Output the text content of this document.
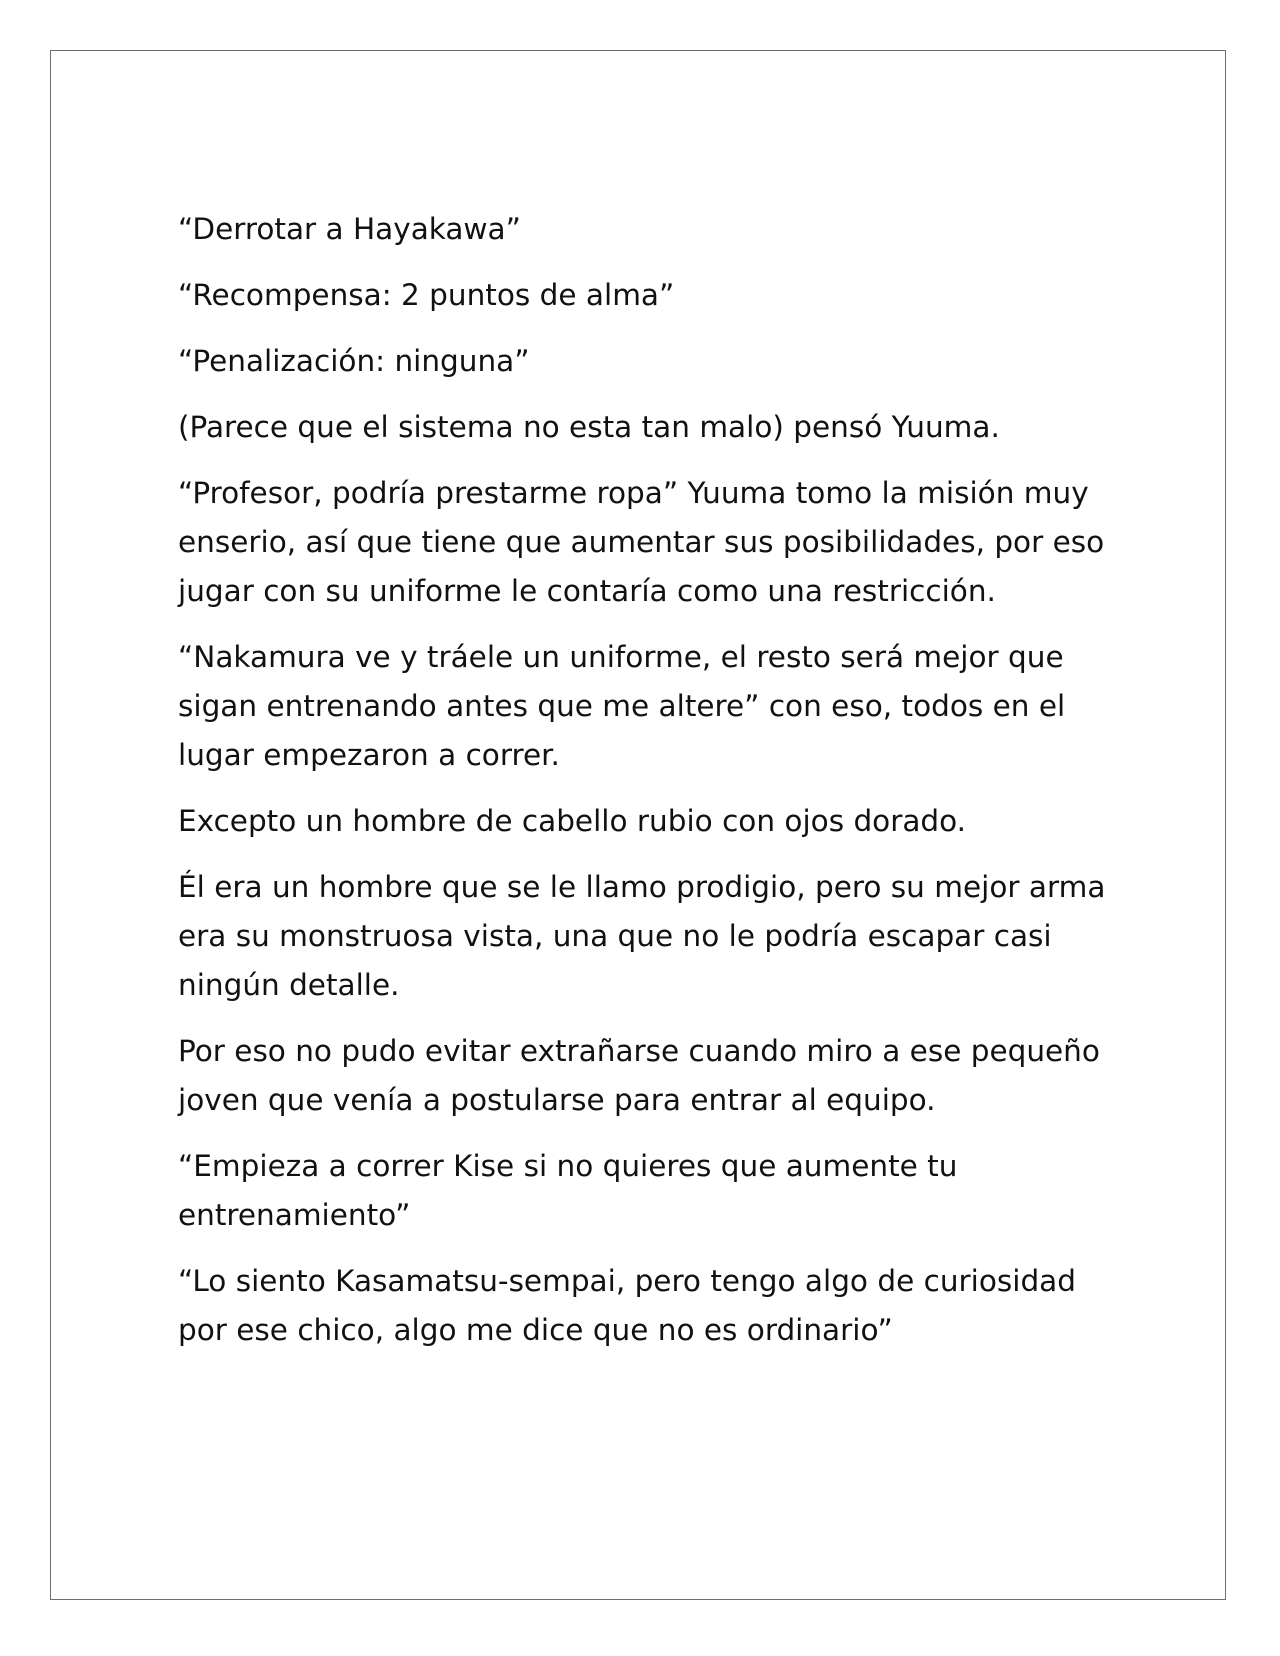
“Derrotar a Hayakawa”

“Recompensa: 2 puntos de alma”

“Penalización: ninguna”

(Parece que el sistema no esta tan malo) pensó Yuuma.

“Profesor, podría prestarme ropa” Yuuma tomo la misión muy enserio, así que tiene que aumentar sus posibilidades, por eso jugar con su uniforme le contaría como una restricción.

“Nakamura ve y tráele un uniforme, el resto será mejor que sigan entrenando antes que me altere” con eso, todos en el lugar empezaron a correr.

Excepto un hombre de cabello rubio con ojos dorado.

Él era un hombre que se le llamo prodigio, pero su mejor arma era su monstruosa vista, una que no le podría escapar casi ningún detalle.

Por eso no pudo evitar extrañarse cuando miro a ese pequeño joven que venía a postularse para entrar al equipo.

“Empieza a correr Kise si no quieres que aumente tu entrenamiento”

“Lo siento Kasamatsu-sempai, pero tengo algo de curiosidad por ese chico, algo me dice que no es ordinario”
